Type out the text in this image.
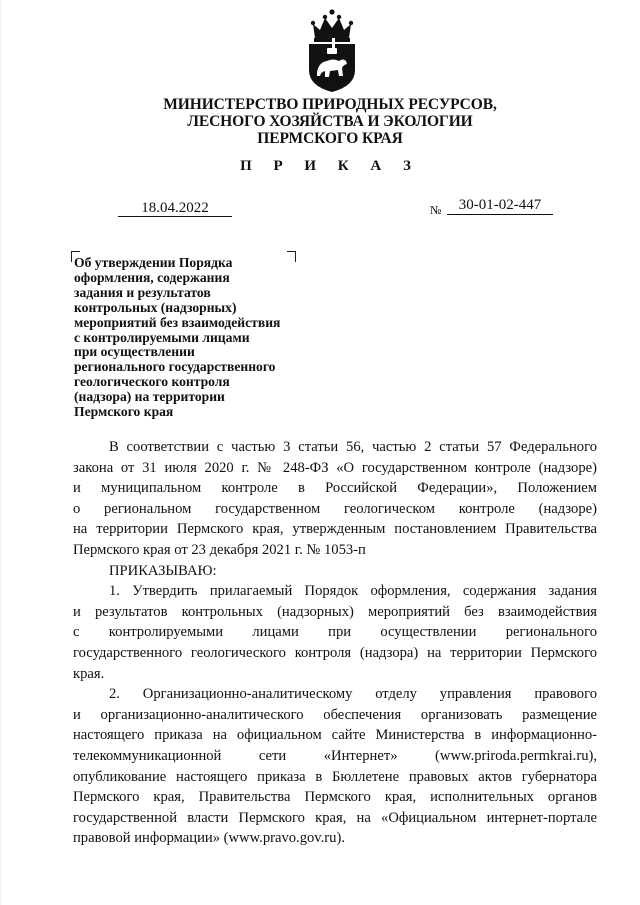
МИНИСТЕРСТВО ПРИРОДНЫХ РЕСУРСОВ,
ЛЕСНОГО ХОЗЯЙСТВА И ЭКОЛОГИИ
ПЕРМСКОГО КРАЯ
П Р И К А З
18.04.2022	№	30-01-02-447
Об утверждении Порядка
оформления, содержания
задания и результатов
контрольных (надзорных)
мероприятий без взаимодействия
с контролируемыми лицами
при осуществлении
регионального государственного
геологического контроля
(надзора) на территории
Пермского края
В соответствии с частью 3 статьи 56, частью 2 статьи 57 Федерального
закона от 31 июля 2020 г. № 248-ФЗ «О государственном контроле (надзоре)
и муниципальном контроле в Российской Федерации», Положением
о региональном государственном геологическом контроле (надзоре)
на территории Пермского края, утвержденным постановлением Правительства
Пермского края от 23 декабря 2021 г. № 1053-п
ПРИКАЗЫВАЮ:
1. Утвердить прилагаемый Порядок оформления, содержания задания
и результатов контрольных (надзорных) мероприятий без взаимодействия
с контролируемыми лицами при осуществлении регионального
государственного геологического контроля (надзора) на территории Пермского
края.
2. Организационно-аналитическому отделу управления правового
и организационно-аналитического обеспечения организовать размещение
настоящего приказа на официальном сайте Министерства в информационно-
телекоммуникационной сети «Интернет» (www.priroda.permkrai.ru),
опубликование настоящего приказа в Бюллетене правовых актов губернатора
Пермского края, Правительства Пермского края, исполнительных органов
государственной власти Пермского края, на «Официальном интернет-портале
правовой информации» (www.pravo.gov.ru).
